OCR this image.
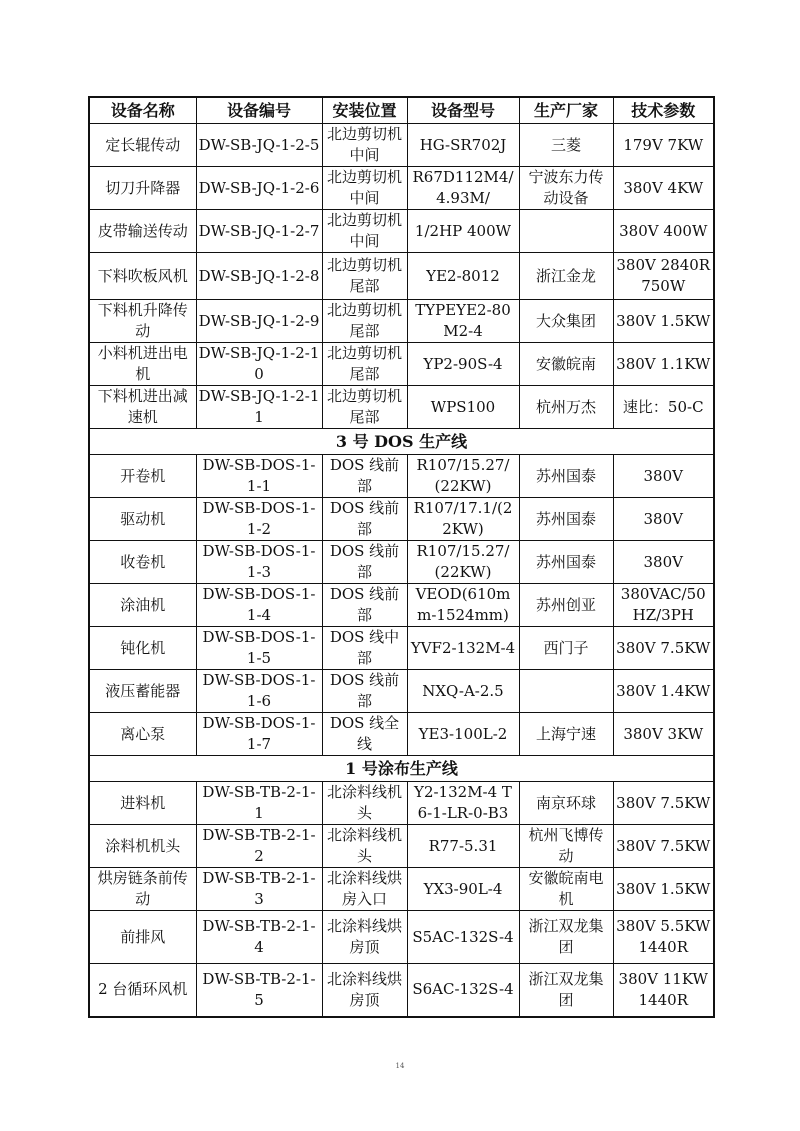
设备名称	设备编号	安装位置	设备型号	生产厂家	技术参数
定长辊传动	DW-SB-JQ-1-2-5	北边剪切机中间	HG-SR702J	三菱	179V 7KW
切刀升降器	DW-SB-JQ-1-2-6	北边剪切机中间	R67D112M4/4.93M/	宁波东力传动设备	380V 4KW
皮带输送传动	DW-SB-JQ-1-2-7	北边剪切机中间	1/2HP 400W		380V 400W
下料吹板风机	DW-SB-JQ-1-2-8	北边剪切机尾部	YE2-8012	浙江金龙	380V 2840R 750W
下料机升降传动	DW-SB-JQ-1-2-9	北边剪切机尾部	TYPEYE2-80M2-4	大众集团	380V 1.5KW
小料机进出电机	DW-SB-JQ-1-2-10	北边剪切机尾部	YP2-90S-4	安徽皖南	380V 1.1KW
下料机进出减速机	DW-SB-JQ-1-2-11	北边剪切机尾部	WPS100	杭州万杰	速比：50-C
3 号 DOS 生产线					
开卷机	DW-SB-DOS-1-1-1	DOS 线前部	R107/15.27/(22KW)	苏州国泰	380V
驱动机	DW-SB-DOS-1-1-2	DOS 线前部	R107/17.1/(22KW)	苏州国泰	380V
收卷机	DW-SB-DOS-1-1-3	DOS 线前部	R107/15.27/(22KW)	苏州国泰	380V
涂油机	DW-SB-DOS-1-1-4	DOS 线前部	VEOD(610mm-1524mm)	苏州创亚	380VAC/50HZ/3PH
钝化机	DW-SB-DOS-1-1-5	DOS 线中部	YVF2-132M-4	西门子	380V 7.5KW
液压蓄能器	DW-SB-DOS-1-1-6	DOS 线前部	NXQ-A-2.5		380V 1.4KW
离心泵	DW-SB-DOS-1-1-7	DOS 线全线	YE3-100L-2	上海宁速	380V 3KW
1 号涂布生产线					
进料机	DW-SB-TB-2-1-1	北涂料线机头	Y2-132M-4 T6-1-LR-0-B3	南京环球	380V 7.5KW
涂料机机头	DW-SB-TB-2-1-2	北涂料线机头	R77-5.31	杭州飞博传动	380V 7.5KW
烘房链条前传动	DW-SB-TB-2-1-3	北涂料线烘房入口	YX3-90L-4	安徽皖南电机	380V 1.5KW
前排风	DW-SB-TB-2-1-4	北涂料线烘房顶	S5AC-132S-4	浙江双龙集团	380V 5.5KW 1440R
2 台循环风机	DW-SB-TB-2-1-5	北涂料线烘房顶	S6AC-132S-4	浙江双龙集团	380V 11KW 1440R
14
